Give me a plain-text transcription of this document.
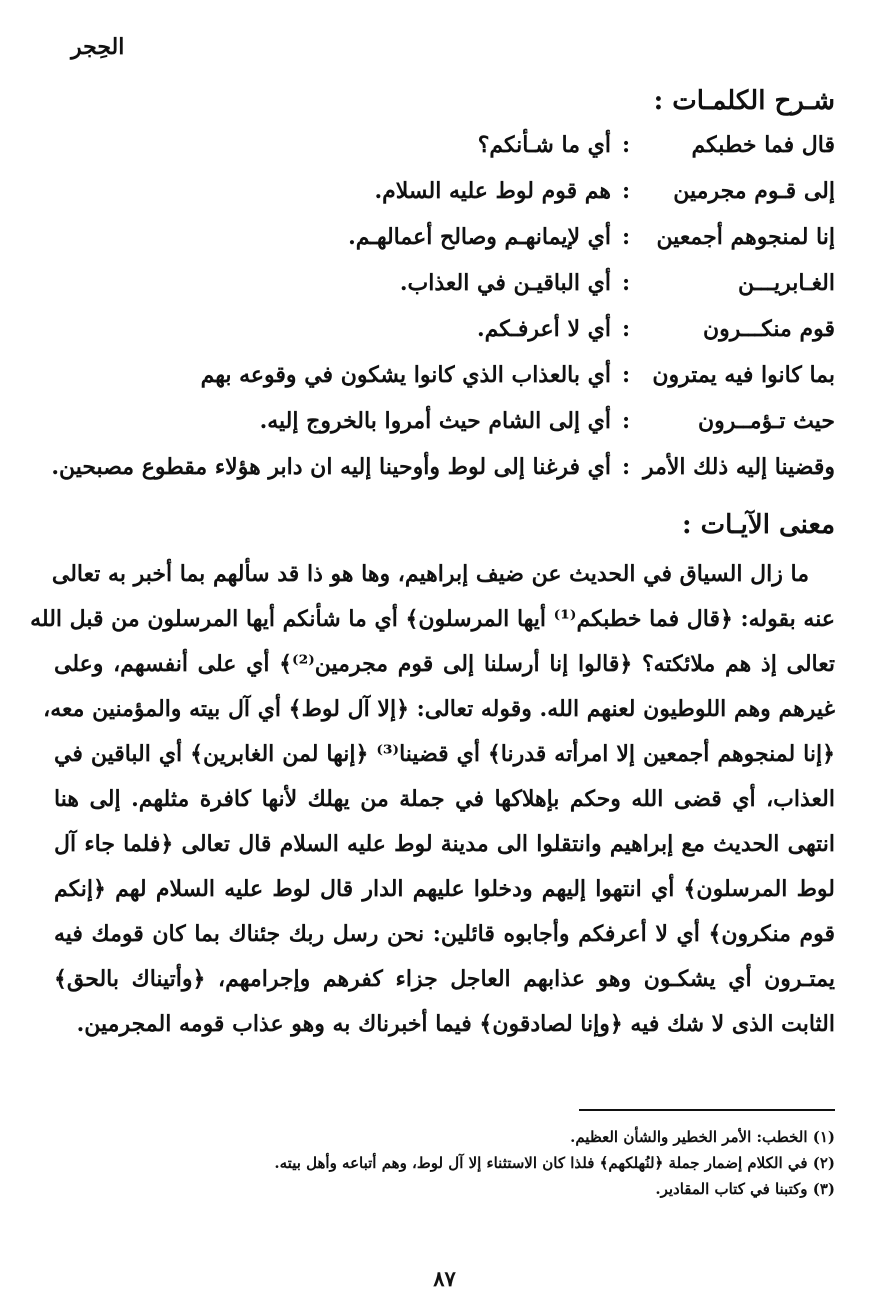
الحِجر
شـرح الكلمـات :
قال فما خطبكم
:
أي ما شـأنكم؟
إلى قـوم مجرمين
:
هم قوم لوط عليه السلام.
إنا لمنجوهم أجمعين
:
أي لإيمانهـم وصالح أعمالهـم.
الغـابريـــن
:
أي الباقيـن في العذاب.
قوم منكـــرون
:
أي لا أعرفـكم.
بما كانوا فيه يمترون
:
أي بالعذاب الذي كانوا يشكون في وقوعه بهم
حيث تـؤمــرون
:
أي إلى الشام حيث أمروا بالخروج إليه.
وقضينا إليه ذلك الأمر
:
أي فرغنا إلى لوط وأوحينا إليه ان دابر هؤلاء مقطوع مصبحين.
معنى الآيـات :
ما زال السياق في الحديث عن ضيف إبراهيم، وها هو ذا قد سألهم بما أخبر به تعالى
عنه بقوله: ﴿قال فما خطبكم⁽¹⁾ أيها المرسلون﴾ أي ما شأنكم أيها المرسلون من قبل الله
تعالى إذ هم ملائكته؟ ﴿قالوا إنا أرسلنا إلى قوم مجرمين⁽²⁾﴾ أي على أنفسهم، وعلى
غيرهم وهم اللوطيون لعنهم الله. وقوله تعالى: ﴿إلا آل لوط﴾ أي آل بيته والمؤمنين معه،
﴿إنا لمنجوهم أجمعين إلا امرأته قدرنا﴾ أي قضينا⁽³⁾ ﴿إنها لمن الغابرين﴾ أي الباقين في
العذاب، أي قضى الله وحكم بإهلاكها في جملة من يهلك لأنها كافرة مثلهم. إلى هنا
انتهى الحديث مع إبراهيم وانتقلوا الى مدينة لوط عليه السلام قال تعالى ﴿فلما جاء آل
لوط المرسلون﴾ أي انتهوا إليهم ودخلوا عليهم الدار قال لوط عليه السلام لهم ﴿إنكم
قوم منكرون﴾ أي لا أعرفكم وأجابوه قائلين: نحن رسل ربك جئناك بما كان قومك فيه
يمتـرون أي يشكـون وهو عذابهم العاجل جزاء كفرهم وإجرامهم، ﴿وأتيناك بالحق﴾
الثابت الذى لا شك فيه ﴿وإنا لصادقون﴾ فيما أخبرناك به وهو عذاب قومه المجرمين.
(١) الخطب: الأمر الخطير والشأن العظيم.
(٢) في الكلام إضمار جملة ﴿لنُهلكهم﴾ فلذا كان الاستثناء إلا آل لوط، وهم أتباعه وأهل بيته.
(٣) وكتبنا في كتاب المقادير.
٨٧
